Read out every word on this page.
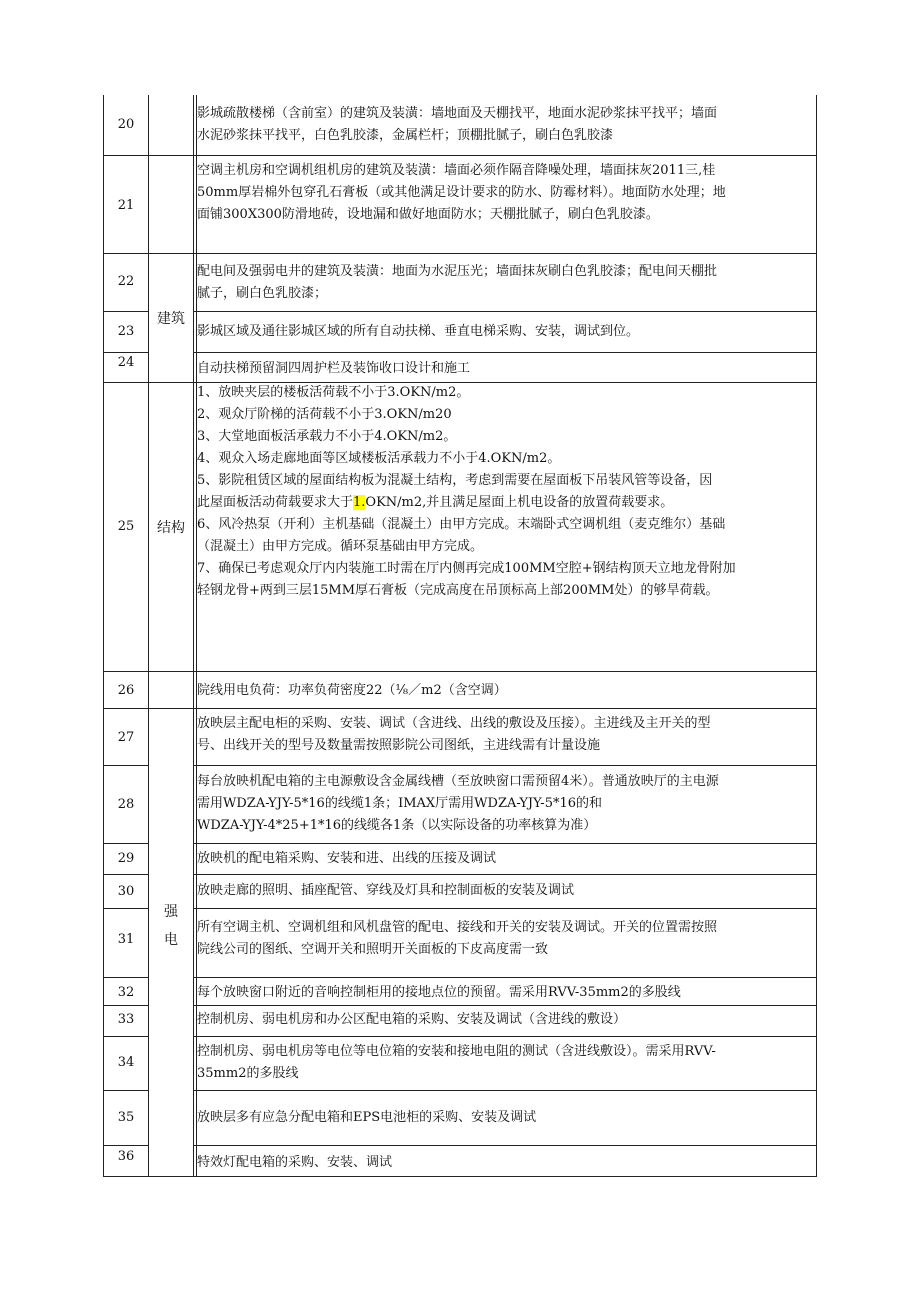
20
21
22
23
24
25
26
27
28
29
30
31
32
33
34
35
36
建筑
结构
强
电
影城疏散楼梯（含前室）的建筑及装潢：墙地面及天棚找平，地面水泥砂浆抹平找平；墙面
水泥砂浆抹平找平，白色乳胶漆，金属栏杆；顶棚批腻子，刷白色乳胶漆
空调主机房和空调机组机房的建筑及装潢：墙面必须作隔音降噪处理，墙面抹灰2011三,桂
50mm厚岩棉外包穿孔石膏板（或其他满足设计要求的防水、防霉材料）。地面防水处理；地
面铺300X300防滑地砖，设地漏和做好地面防水；天棚批腻子，刷白色乳胶漆。
配电间及强弱电井的建筑及装潢：地面为水泥压光；墙面抹灰刷白色乳胶漆；配电间天棚批
腻子，刷白色乳胶漆；
影城区域及通往影城区域的所有自动扶梯、垂直电梯采购、安装，调试到位。
自动扶梯预留洞四周护栏及装饰收口设计和施工
1、放映夹层的楼板活荷载不小于3.OKN/m2。
2、观众厅阶梯的活荷载不小于3.OKN/m20
3、大堂地面板活承载力不小于4.OKN/m2。
4、观众入场走廊地面等区域楼板活承载力不小于4.OKN/m2。
5、影院租赁区域的屋面结构板为混凝土结构，考虑到需要在屋面板下吊装风管等设备，因
此屋面板活动荷载要求大于1.OKN/m2,并且满足屋面上机电设备的放置荷载要求。
6、风冷热泵（开利）主机基础（混凝土）由甲方完成。末端卧式空调机组（麦克维尔）基础
（混凝土）由甲方完成。循环泵基础由甲方完成。
7、确保已考虑观众厅内内装施工时需在厅内侧再完成100MM空腔+钢结构顶天立地龙骨附加
轻钢龙骨+两到三层15MM厚石膏板（完成高度在吊顶标高上部200MM处）的够旱荷载。
院线用电负荷：功率负荷密度22（⅛／m2（含空调）
放映层主配电柜的采购、安装、调试（含进线、出线的敷设及压接）。主进线及主开关的型
号、出线开关的型号及数量需按照影院公司图纸，主进线需有计量设施
每台放映机配电箱的主电源敷设含金属线槽（至放映窗口需预留4米）。普通放映厅的主电源
需用WDZA-YJY-5*16的线缆1条；IMAX厅需用WDZA-YJY-5*16的和
WDZA-YJY-4*25+1*16的线缆各1条（以实际设备的功率核算为准）
放映机的配电箱采购、安装和进、出线的压接及调试
放映走廊的照明、插座配管、穿线及灯具和控制面板的安装及调试
所有空调主机、空调机组和风机盘管的配电、接线和开关的安装及调试。开关的位置需按照
院线公司的图纸、空调开关和照明开关面板的下皮高度需一致
每个放映窗口附近的音响控制柜用的接地点位的预留。需采用RVV-35mm2的多股线
控制机房、弱电机房和办公区配电箱的采购、安装及调试（含进线的敷设）
控制机房、弱电机房等电位等电位箱的安装和接地电阻的测试（含进线敷设）。需采用RVV-
35mm2的多股线
放映层多有应急分配电箱和EPS电池柜的采购、安装及调试
特效灯配电箱的采购、安装、调试
